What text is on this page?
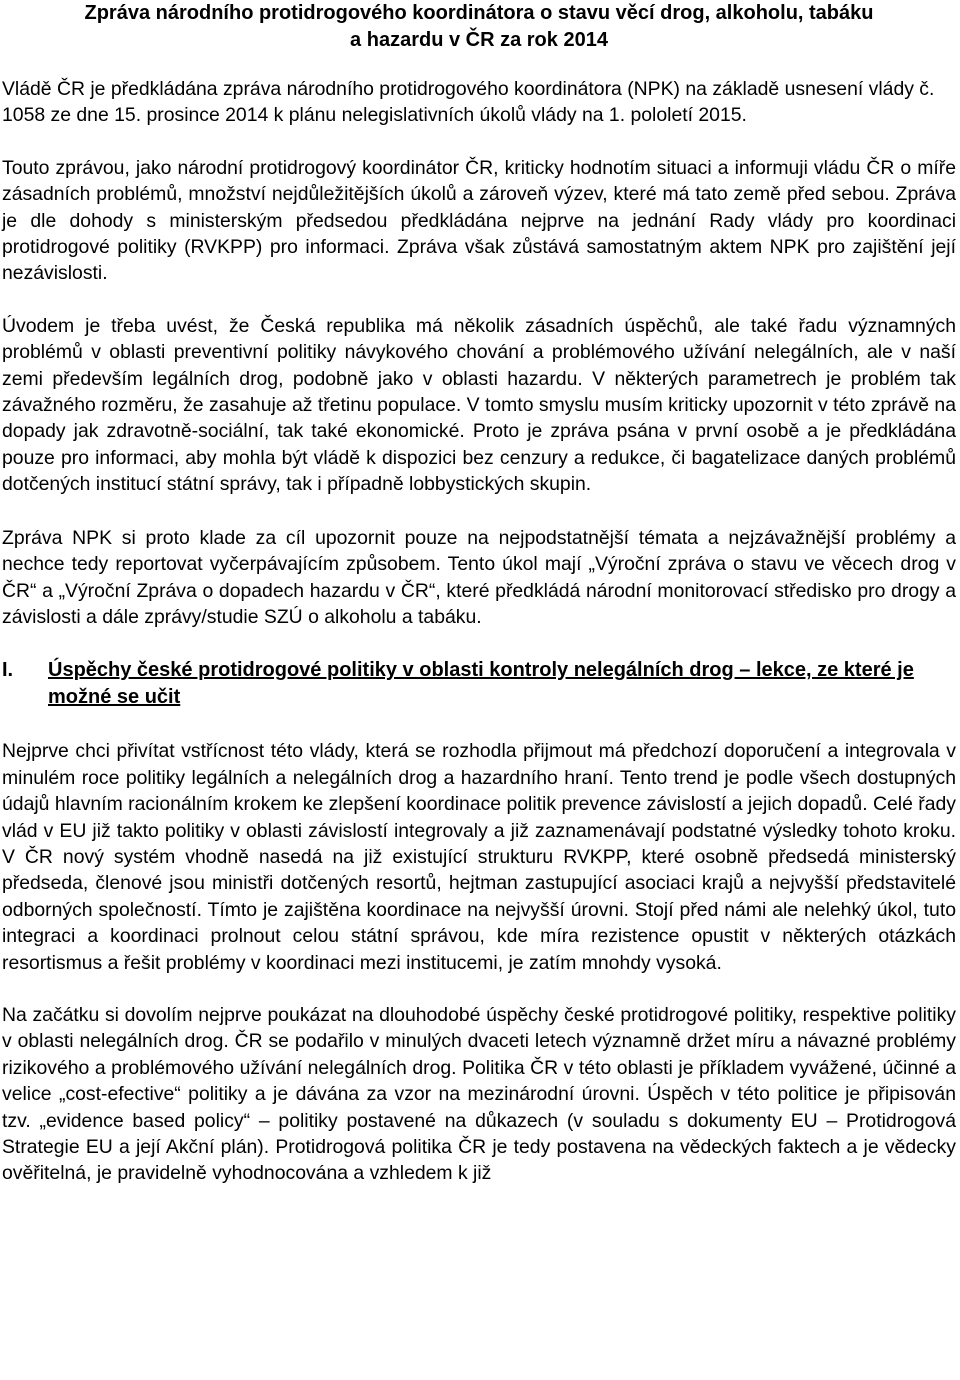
Zpráva národního protidrogového koordinátora o stavu věcí drog, alkoholu, tabáku
a hazardu v ČR za rok 2014

Vládě ČR je předkládána zpráva národního protidrogového koordinátora (NPK) na základě usnesení vlády č. 1058 ze dne 15. prosince 2014 k plánu nelegislativních úkolů vlády na 1. pololetí 2015.

Touto zprávou, jako národní protidrogový koordinátor ČR, kriticky hodnotím situaci a informuji vládu ČR o míře zásadních problémů, množství nejdůležitějších úkolů a zároveň výzev, které má tato země před sebou. Zpráva je dle dohody s ministerským předsedou předkládána nejprve na jednání Rady vlády pro koordinaci protidrogové politiky (RVKPP) pro informaci. Zpráva však zůstává samostatným aktem NPK pro zajištění její nezávislosti.

Úvodem je třeba uvést, že Česká republika má několik zásadních úspěchů, ale také řadu významných problémů v oblasti preventivní politiky návykového chování a problémového užívání nelegálních, ale v naší zemi především legálních drog, podobně jako v oblasti hazardu. V některých parametrech je problém tak závažného rozměru, že zasahuje až třetinu populace. V tomto smyslu musím kriticky upozornit v této zprávě na dopady jak zdravotně-sociální, tak také ekonomické. Proto je zpráva psána v první osobě a je předkládána pouze pro informaci, aby mohla být vládě k dispozici bez cenzury a redukce, či bagatelizace daných problémů dotčených institucí státní správy, tak i případně lobbystických skupin.

Zpráva NPK si proto klade za cíl upozornit pouze na nejpodstatnější témata a nejzávažnější problémy a nechce tedy reportovat vyčerpávajícím způsobem. Tento úkol mají „Výroční zpráva o stavu ve věcech drog v ČR“ a „Výroční Zpráva o dopadech hazardu v ČR“, které předkládá národní monitorovací středisko pro drogy a závislosti a dále zprávy/studie SZÚ o alkoholu a tabáku.

I.	Úspěchy české protidrogové politiky v oblasti kontroly nelegálních drog – lekce, ze které je možné se učit

Nejprve chci přivítat vstřícnost této vlády, která se rozhodla přijmout má předchozí doporučení a integrovala v minulém roce politiky legálních a nelegálních drog a hazardního hraní. Tento trend je podle všech dostupných údajů hlavním racionálním krokem ke zlepšení koordinace politik prevence závislostí a jejich dopadů. Celé řady vlád v EU již takto politiky v oblasti závislostí integrovaly a již zaznamenávají podstatné výsledky tohoto kroku. V ČR nový systém vhodně nasedá na již existující strukturu RVKPP, které osobně předsedá ministerský předseda, členové jsou ministři dotčených resortů, hejtman zastupující asociaci krajů a nejvyšší představitelé odborných společností. Tímto je zajištěna koordinace na nejvyšší úrovni. Stojí před námi ale nelehký úkol, tuto integraci a koordinaci prolnout celou státní správou, kde míra rezistence opustit v některých otázkách resortismus a řešit problémy v koordinaci mezi institucemi, je zatím mnohdy vysoká.

Na začátku si dovolím nejprve poukázat na dlouhodobé úspěchy české protidrogové politiky, respektive politiky v oblasti nelegálních drog. ČR se podařilo v minulých dvaceti letech významně držet míru a návazné problémy rizikového a problémového užívání nelegálních drog. Politika ČR v této oblasti je příkladem vyvážené, účinné a velice „cost-efective“ politiky a je dávána za vzor na mezinárodní úrovni. Úspěch v této politice je připisován tzv. „evidence based policy“ – politiky postavené na důkazech (v souladu s dokumenty EU – Protidrogová Strategie EU a její Akční plán). Protidrogová politika ČR je tedy postavena na vědeckých faktech a je vědecky ověřitelná, je pravidelně vyhodnocována a vzhledem k již
